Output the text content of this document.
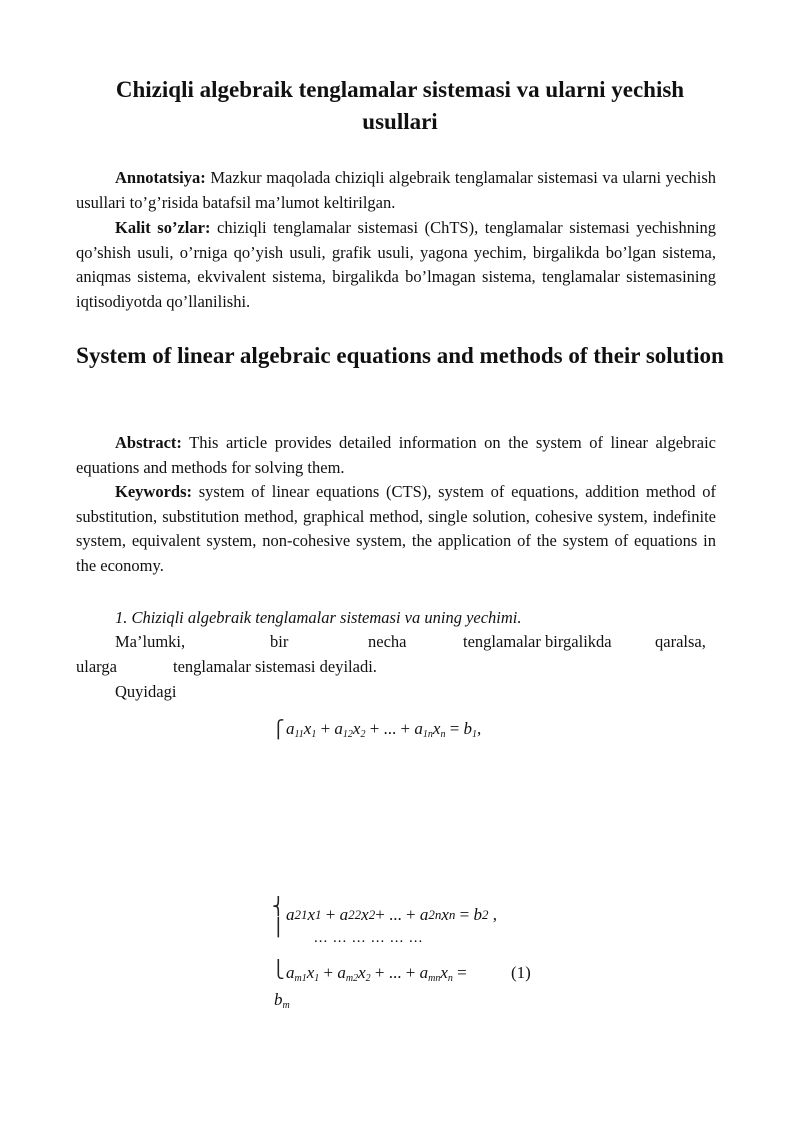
Chiziqli algebraik tenglamalar sistemasi va ularni yechish usullari

Annotatsiya: Mazkur maqolada chiziqli algebraik tenglamalar sistemasi va ularni yechish usullari to’g’risida batafsil ma’lumot keltirilgan.

Kalit so’zlar: chiziqli tenglamalar sistemasi (ChTS), tenglamalar sistemasi yechishning qo’shish usuli, o’rniga qo’yish usuli, grafik usuli, yagona yechim, birgalikda bo’lgan sistema, aniqmas sistema, ekvivalent sistema, birgalikda bo’lmagan sistema, tenglamalar sistemasining iqtisodiyotda qo’llanilishi.

System of linear algebraic equations and methods of their solution

Abstract: This article provides detailed information on the system of linear algebraic equations and methods for solving them.

Keywords: system of linear equations (CTS), system of equations, addition method of substitution, substitution method, graphical method, single solution, cohesive system, indefinite system, equivalent system, non-cohesive system, the application of the system of equations in the economy.

1. Chiziqli algebraik tenglamalar sistemasi va uning yechimi.

Ma’lumki,	bir	necha	tenglamalar birgalikda	qaralsa,
ularga	tenglamalar sistemasi deyiladi.
Quyidagi
⎧ $a_{11}x_1 + a_{12}x_2$ + ... + $a_{1n}x_n = b_1$,
⎨
⎪
a21x1 + a22x2+ ... + a2nxn = b2 ,
... ... ... ... ... ...
⎩ $a_{m1}x_1 + a_{m2}x_2$ + ... + $a_{mn}x_n$ =	(1)
$b_m$
